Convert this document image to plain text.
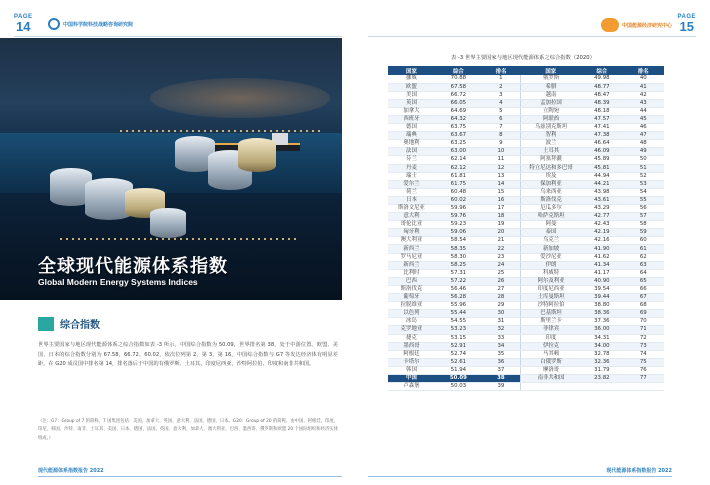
PAGE
14	中国科学院科技战略咨询研究院
全球现代能源体系指数
Global Modern Energy Systems Indices
综合指数

世界主要国家与地区现代能源体系之综合指数如表 -3 所示。中国综合指数为 50.09，世界排名第 38，处于中游位置。欧盟、美国、日本的综合指数分别为 67.58、66.72、60.02，依次位列第 2、第 3、第 16。中国综合指数与 G7 等发达经济体有明显差距，在 G20 成员国中排名第 14，排名落后于中国的有俄罗斯、土耳其、印度尼西亚、沙特阿拉伯、印度和南非共和国。

（注：G7：Group of 7 的简称，7 国集团包括：美国、加拿大、英国、意大利、法国、德国、日本。G20：Group of 20 的简称，由中国、阿根廷、印度、印尼、韩国、沙特、南非、土耳其、美国、日本、德国、法国、英国、意大利、加拿大、澳大利亚、巴西、墨西哥、俄罗斯和欧盟 20 个国际组织和经济实体组成。）

现代能源体系指数报告 2022
PAGE
15
中国能源经济研究中心
表 -3 世界主要国家与地区现代能源体系之综合指数（2020）
国家	综合	排名	国家	综合	排名
挪威	70.88	1	俄罗斯	49.98	40
欧盟	67.58	2	希腊	48.77	41
美国	66.72	3	越南	48.47	42
英国	66.05	4	孟加拉国	48.39	43
加拿大	64.69	5	立陶宛	48.18	44
西班牙	64.32	6	阿联酋	47.57	45
德国	63.75	7	乌兹别克斯坦	47.41	46
瑞典	63.67	8	智利	47.38	47
奥地利	63.25	9	波兰	46.64	48
法国	63.00	10	土耳其	46.09	49
芬兰	62.14	11	阿塞拜疆	45.89	50
丹麦	62.12	12	特立尼达和多巴哥	45.81	51
瑞士	61.81	13	埃及	44.94	52
爱尔兰	61.75	14	保加利亚	44.21	53
荷兰	60.48	15	乌来西亚	43.98	54
日本	60.02	16	斯洛伐克	43.61	55
斯洛文尼亚	59.96	17	厄瓜多尔	43.29	56
意大利	59.76	18	哈萨克斯坦	42.77	57
哥伦比亚	59.23	19	阿曼	42.43	58
匈牙利	59.06	20	泰国	42.19	59
澳大利亚	58.54	21	乌克兰	42.16	60
新西兰	58.35	22	新加坡	41.90	61
罗马尼亚	58.30	23	爱沙尼亚	41.62	62
新西兰	58.25	24	伊朗	41.34	63
比利时	57.31	25	科威特	41.17	64
巴西	57.22	26	阿尔及利亚	40.90	65
斯洛伐克	56.46	27	印度尼西亚	39.54	66
葡萄牙	56.28	28	土库曼斯坦	39.44	67
拉脱维亚	55.96	29	沙特阿拉伯	38.80	68
以色列	55.44	30	巴基斯坦	38.36	69
冰岛	54.55	31	斯里兰卡	37.36	70
克罗地亚	53.23	32	菲律宾	36.00	71
捷克	53.15	33	印度	34.31	72
墨西哥	52.91	34	伊拉克	34.00	73
阿根廷	52.74	35	马其顿	32.78	74
卡塔尔	52.61	36	白俄罗斯	32.36	75
韩国	51.94	37	摩洛哥	31.79	76
中国	50.09	38	南非共和国	23.82	77
卢森堡	50.03	39			
现代能源体系指数报告 2022
